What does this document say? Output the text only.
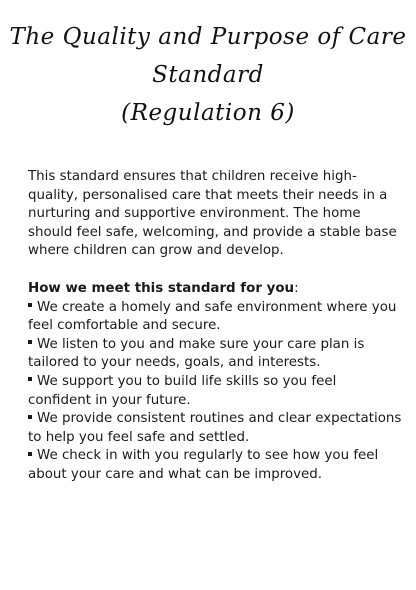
The Quality and Purpose of Care
Standard
(Regulation 6)

This standard ensures that children receive high-quality, personalised care that meets their needs in a nurturing and supportive environment. The home should feel safe, welcoming, and provide a stable base where children can grow and develop.

How we meet this standard for you:

We create a homely and safe environment where you feel comfortable and secure.
We listen to you and make sure your care plan is tailored to your needs, goals, and interests.
We support you to build life skills so you feel confident in your future.
We provide consistent routines and clear expectations to help you feel safe and settled.
We check in with you regularly to see how you feel about your care and what can be improved.
